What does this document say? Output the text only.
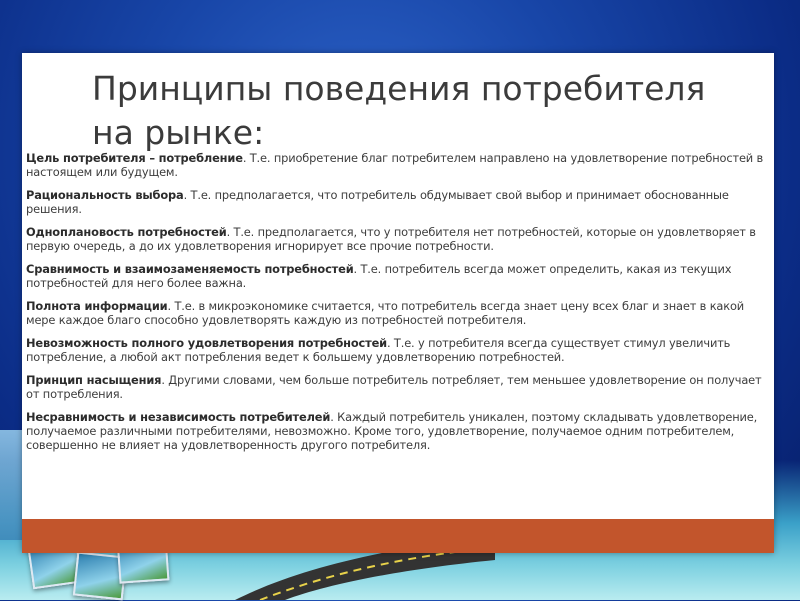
Принципы поведения потребителя на рынке:

Цель потребителя – потребление. Т.е. приобретение благ потребителем направлено на удовлетворение потребностей в настоящем или будущем.

Рациональность выбора. Т.е. предполагается, что потребитель обдумывает свой выбор и принимает обоснованные решения.

Одноплановость потребностей. Т.е. предполагается, что у потребителя нет потребностей, которые он удовлетворяет в первую очередь, а до их удовлетворения игнорирует все прочие потребности.

Сравнимость и взаимозаменяемость потребностей. Т.е. потребитель всегда может определить, какая из текущих потребностей для него более важна.

Полнота информации. Т.е. в микроэкономике считается, что потребитель всегда знает цену всех благ и знает в какой мере каждое благо способно удовлетворять каждую из потребностей потребителя.

Невозможность полного удовлетворения потребностей. Т.е. у потребителя всегда существует стимул увеличить потребление, а любой акт потребления ведет к большему удовлетворению потребностей.

Принцип насыщения. Другими словами, чем больше потребитель потребляет, тем меньшее удовлетворение он получает от потребления.

Несравнимость и независимость потребителей. Каждый потребитель уникален, поэтому складывать удовлетворение, получаемое различными потребителями, невозможно. Кроме того, удовлетворение, получаемое одним потребителем, совершенно не влияет на удовлетворенность другого потребителя.
